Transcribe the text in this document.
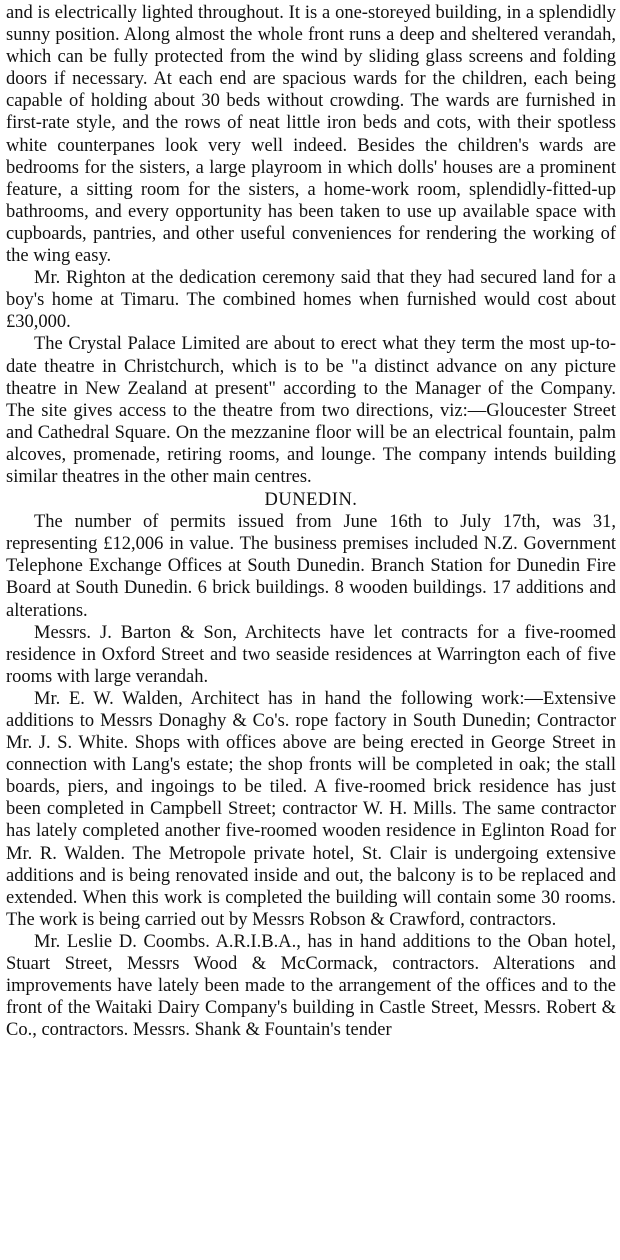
and is electrically lighted throughout. It is a one-storeyed building, in a splendidly sunny position. Along almost the whole front runs a deep and sheltered verandah, which can be fully protected from the wind by sliding glass screens and folding doors if necessary. At each end are spacious wards for the children, each being capable of holding about 30 beds without crowding. The wards are furnished in first-rate style, and the rows of neat little iron beds and cots, with their spotless white counterpanes look very well indeed. Besides the children's wards are bedrooms for the sisters, a large playroom in which dolls' houses are a prominent feature, a sitting room for the sisters, a home-work room, splendidly-fitted-up bathrooms, and every opportunity has been taken to use up available space with cupboards, pantries, and other useful conveniences for rendering the working of the wing easy.

Mr. Righton at the dedication ceremony said that they had secured land for a boy's home at Timaru. The combined homes when furnished would cost about £30,000.

The Crystal Palace Limited are about to erect what they term the most up-to-date theatre in Christchurch, which is to be "a distinct advance on any picture theatre in New Zealand at present" according to the Manager of the Company. The site gives access to the theatre from two directions, viz:—Gloucester Street and Cathedral Square. On the mezzanine floor will be an electrical fountain, palm alcoves, promenade, retiring rooms, and lounge. The company intends building similar theatres in the other main centres.

DUNEDIN.

The number of permits issued from June 16th to July 17th, was 31, representing £12,006 in value. The business premises included N.Z. Government Telephone Exchange Offices at South Dunedin. Branch Station for Dunedin Fire Board at South Dunedin. 6 brick buildings. 8 wooden buildings. 17 additions and alterations.

Messrs. J. Barton & Son, Architects have let contracts for a five-roomed residence in Oxford Street and two seaside residences at Warrington each of five rooms with large verandah.

Mr. E. W. Walden, Architect has in hand the following work:—Extensive additions to Messrs Donaghy & Co's. rope factory in South Dunedin; Contractor Mr. J. S. White. Shops with offices above are being erected in George Street in connection with Lang's estate; the shop fronts will be completed in oak; the stall boards, piers, and ingoings to be tiled. A five-roomed brick residence has just been completed in Campbell Street; contractor W. H. Mills. The same contractor has lately completed another five-roomed wooden residence in Eglinton Road for Mr. R. Walden. The Metropole private hotel, St. Clair is undergoing extensive additions and is being renovated inside and out, the balcony is to be replaced and extended. When this work is completed the building will contain some 30 rooms. The work is being carried out by Messrs Robson & Crawford, contractors.

Mr. Leslie D. Coombs. A.R.I.B.A., has in hand additions to the Oban hotel, Stuart Street, Messrs Wood & McCormack, contractors. Alterations and improvements have lately been made to the arrangement of the offices and to the front of the Waitaki Dairy Company's building in Castle Street, Messrs. Robert & Co., contractors. Messrs. Shank & Fountain's tender
